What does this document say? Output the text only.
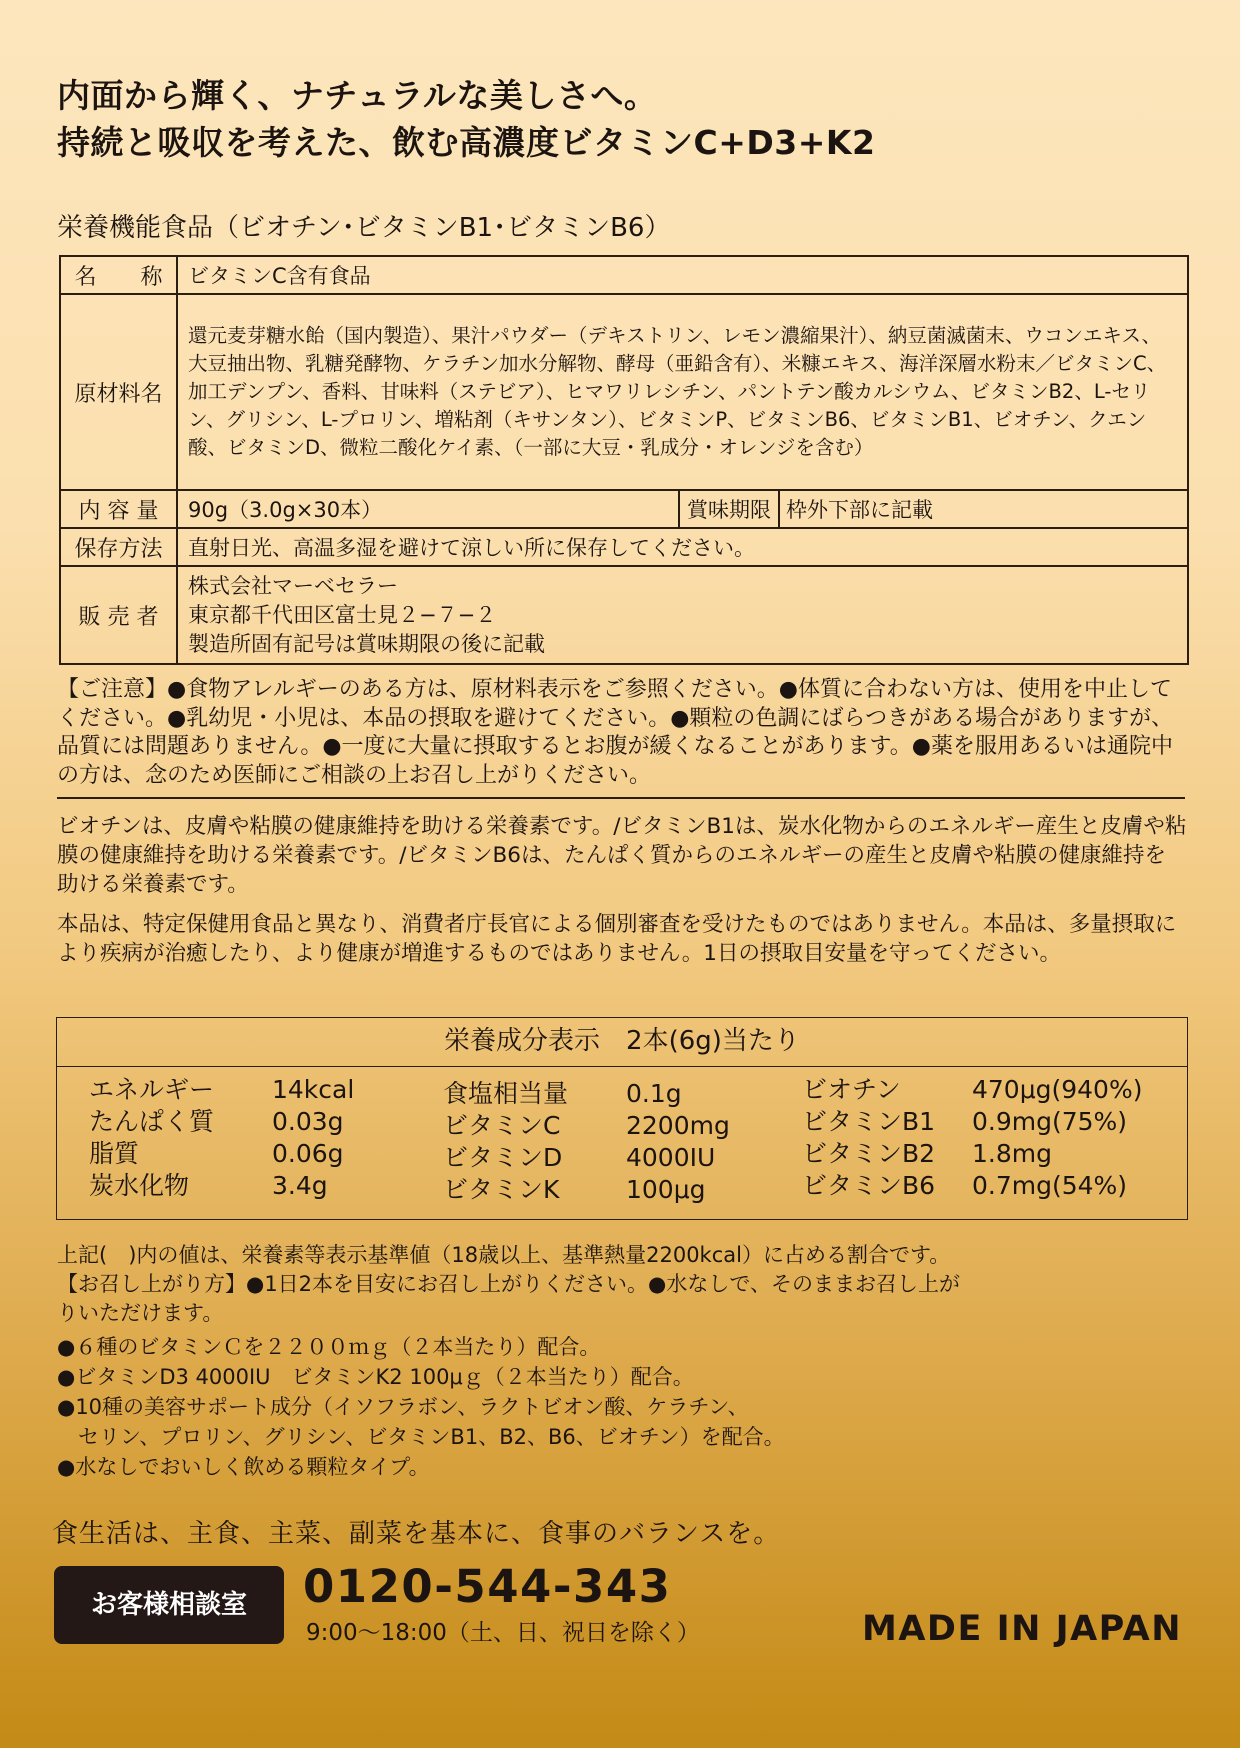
内面から輝く、ナチュラルな美しさへ。
持続と吸収を考えた、飲む高濃度ビタミンC+D3+K2
栄養機能食品（ビオチン･ビタミンB1･ビタミンB6）
名　　称	ビタミンC含有食品		
原材料名	還元麦芽糖水飴（国内製造）、果汁パウダー（デキストリン、レモン濃縮果汁）、納豆菌滅菌末、ウコンエキス、大豆抽出物、乳糖発酵物、ケラチン加水分解物、酵母（亜鉛含有）、米糠エキス、海洋深層水粉末／ビタミンC、加工デンプン、香料、甘味料（ステビア）、ヒマワリレシチン、パントテン酸カルシウム、ビタミンB2、L-セリン、グリシン、L-プロリン、増粘剤（キサンタン）、ビタミンP、ビタミンB6、ビタミンB1、ビオチン、クエン酸、ビタミンD、微粒二酸化ケイ素、（一部に大豆・乳成分・オレンジを含む）		
内 容 量	90g（3.0g×30本）	賞味期限	枠外下部に記載
保存方法	直射日光、高温多湿を避けて涼しい所に保存してください。		
販 売 者	株式会社マーベセラー
東京都千代田区富士見２−７−２
製造所固有記号は賞味期限の後に記載		
【ご注意】●食物アレルギーのある方は、原材料表示をご参照ください。●体質に合わない方は、使用を中止してください。●乳幼児・小児は、本品の摂取を避けてください。●顆粒の色調にばらつきがある場合がありますが、品質には問題ありません。●一度に大量に摂取するとお腹が緩くなることがあります。●薬を服用あるいは通院中の方は、念のため医師にご相談の上お召し上がりください。
ビオチンは、皮膚や粘膜の健康維持を助ける栄養素です。/ビタミンB1は、炭水化物からのエネルギー産生と皮膚や粘膜の健康維持を助ける栄養素です。/ビタミンB6は、たんぱく質からのエネルギーの産生と皮膚や粘膜の健康維持を助ける栄養素です。
本品は、特定保健用食品と異なり、消費者庁長官による個別審査を受けたものではありません。本品は、多量摂取により疾病が治癒したり、より健康が増進するものではありません。1日の摂取目安量を守ってください。
栄養成分表示　2本(6g)当たり
エネルギー	14kcal
たんぱく質	0.03g
脂質	0.06g
炭水化物	3.4g
食塩相当量	0.1g
ビタミンC	2200mg
ビタミンD	4000IU
ビタミンK	100μg
ビオチン	470μg(940%)
ビタミンB1	0.9mg(75%)
ビタミンB2	1.8mg
ビタミンB6	0.7mg(54%)
上記(　)内の値は、栄養素等表示基準値（18歳以上、基準熱量2200kcal）に占める割合です。
【お召し上がり方】●1日2本を目安にお召し上がりください。●水なしで、そのままお召し上が
りいただけます。
●６種のビタミンＣを２２００ｍｇ（２本当たり）配合。
●ビタミンD3 4000IU　ビタミンK2 100μｇ（２本当たり）配合。
●10種の美容サポート成分（イソフラボン、ラクトビオン酸、ケラチン、
　セリン、プロリン、グリシン、ビタミンB1、B2、B6、ビオチン）を配合。
●水なしでおいしく飲める顆粒タイプ。
食生活は、主食、主菜、副菜を基本に、食事のバランスを。
お客様相談室	0120-544-343
9:00〜18:00（土、日、祝日を除く）	MADE IN JAPAN
